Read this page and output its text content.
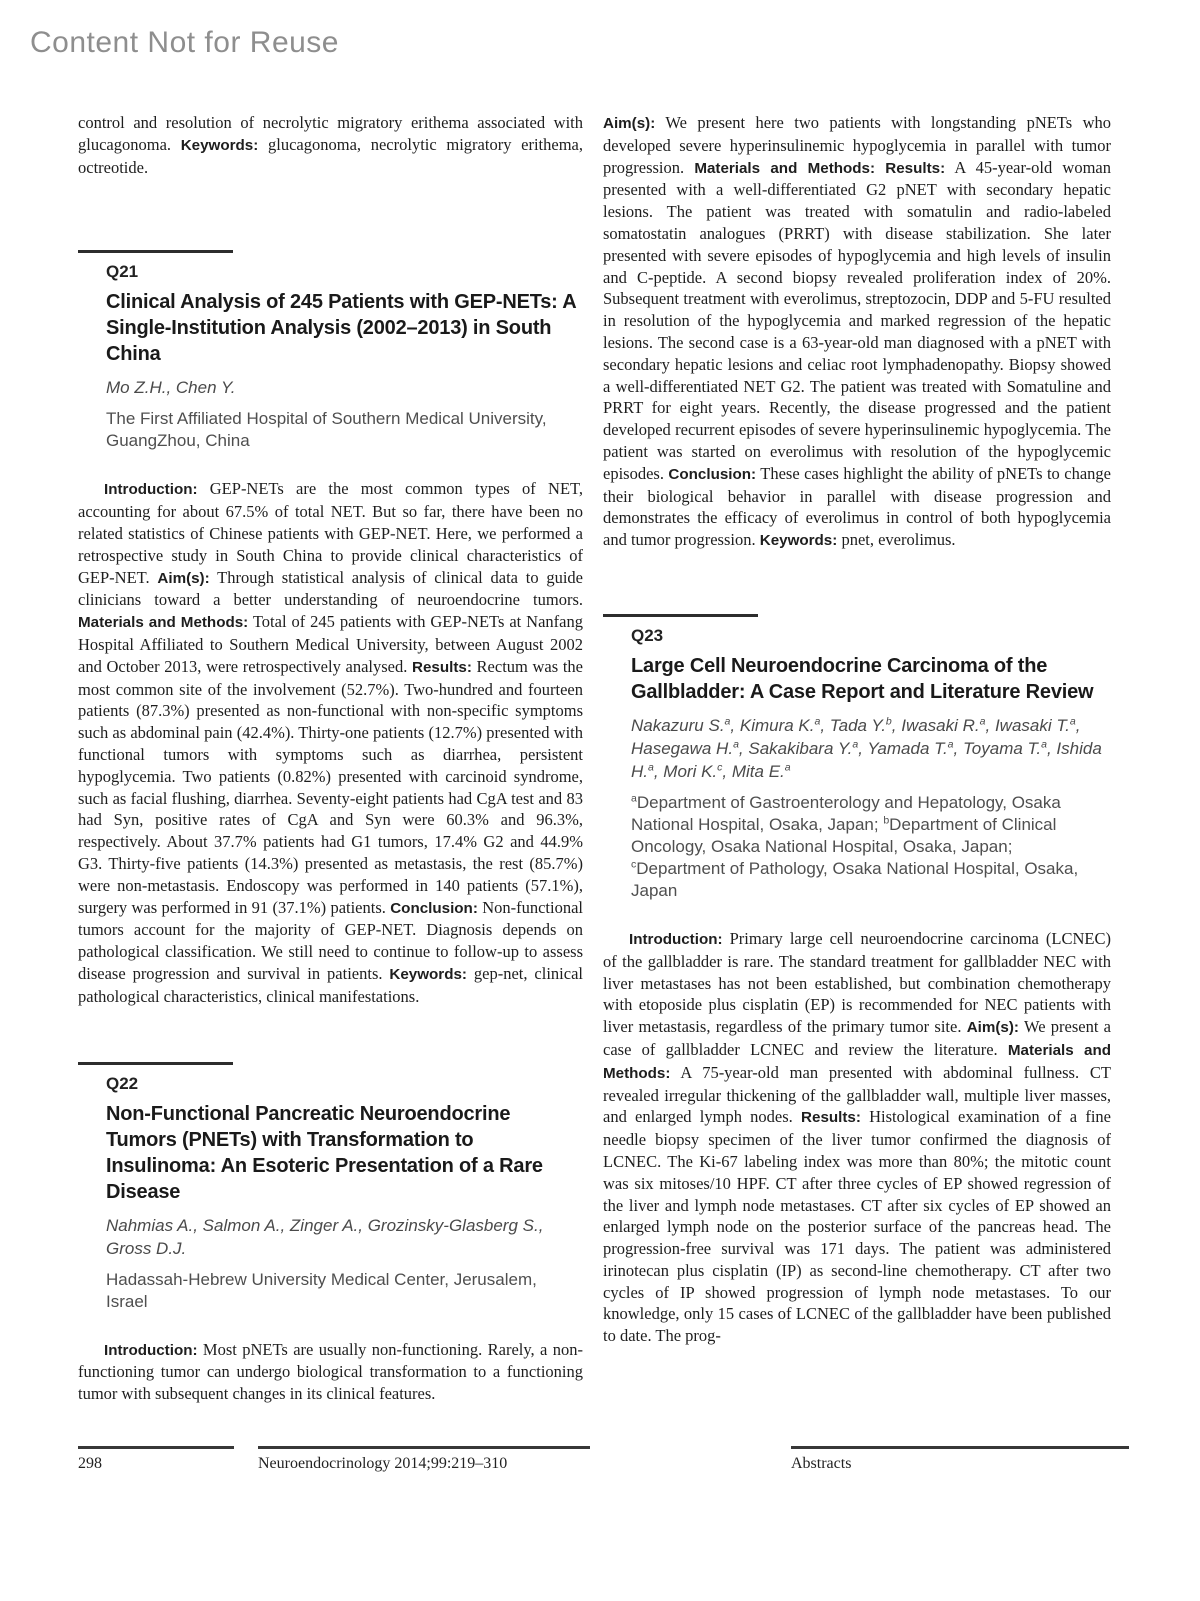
Content Not for Reuse

control and resolution of necrolytic migratory erithema associated with glucagonoma. Keywords: glucagonoma, necrolytic migratory erithema, octreotide.

Q21
Clinical Analysis of 245 Patients with GEP-NETs: A Single-Institution Analysis (2002–2013) in South China
Mo Z.H., Chen Y.
The First Affiliated Hospital of Southern Medical University, GuangZhou, China

Introduction: GEP-NETs are the most common types of NET, accounting for about 67.5% of total NET. But so far, there have been no related statistics of Chinese patients with GEP-NET. Here, we performed a retrospective study in South China to provide clinical characteristics of GEP-NET. Aim(s): Through statistical analysis of clinical data to guide clinicians toward a better understanding of neuroendocrine tumors. Materials and Methods: Total of 245 patients with GEP-NETs at Nanfang Hospital Affiliated to Southern Medical University, between August 2002 and October 2013, were retrospectively analysed. Results: Rectum was the most common site of the involvement (52.7%). Two-hundred and fourteen patients (87.3%) presented as non-functional with non-specific symptoms such as abdominal pain (42.4%). Thirty-one patients (12.7%) presented with functional tumors with symptoms such as diarrhea, persistent hypoglycemia. Two patients (0.82%) presented with carcinoid syndrome, such as facial flushing, diarrhea. Seventy-eight patients had CgA test and 83 had Syn, positive rates of CgA and Syn were 60.3% and 96.3%, respectively. About 37.7% patients had G1 tumors, 17.4% G2 and 44.9% G3. Thirty-five patients (14.3%) presented as metastasis, the rest (85.7%) were non-metastasis. Endoscopy was performed in 140 patients (57.1%), surgery was performed in 91 (37.1%) patients. Conclusion: Non-functional tumors account for the majority of GEP-NET. Diagnosis depends on pathological classification. We still need to continue to follow-up to assess disease progression and survival in patients. Keywords: gep-net, clinical pathological characteristics, clinical manifestations.

Q22
Non-Functional Pancreatic Neuroendocrine Tumors (PNETs) with Transformation to Insulinoma: An Esoteric Presentation of a Rare Disease
Nahmias A., Salmon A., Zinger A., Grozinsky-Glasberg S., Gross D.J.
Hadassah-Hebrew University Medical Center, Jerusalem, Israel

Introduction: Most pNETs are usually non-functioning. Rarely, a non-functioning tumor can undergo biological transformation to a functioning tumor with subsequent changes in its clinical features.

Aim(s): We present here two patients with longstanding pNETs who developed severe hyperinsulinemic hypoglycemia in parallel with tumor progression. Materials and Methods: Results: A 45-year-old woman presented with a well-differentiated G2 pNET with secondary hepatic lesions. The patient was treated with somatulin and radio-labeled somatostatin analogues (PRRT) with disease stabilization. She later presented with severe episodes of hypoglycemia and high levels of insulin and C-peptide. A second biopsy revealed proliferation index of 20%. Subsequent treatment with everolimus, streptozocin, DDP and 5-FU resulted in resolution of the hypoglycemia and marked regression of the hepatic lesions. The second case is a 63-year-old man diagnosed with a pNET with secondary hepatic lesions and celiac root lymphadenopathy. Biopsy showed a well-differentiated NET G2. The patient was treated with Somatuline and PRRT for eight years. Recently, the disease progressed and the patient developed recurrent episodes of severe hyperinsulinemic hypoglycemia. The patient was started on everolimus with resolution of the hypoglycemic episodes. Conclusion: These cases highlight the ability of pNETs to change their biological behavior in parallel with disease progression and demonstrates the efficacy of everolimus in control of both hypoglycemia and tumor progression. Keywords: pnet, everolimus.

Q23
Large Cell Neuroendocrine Carcinoma of the Gallbladder: A Case Report and Literature Review
Nakazuru S.$^a$, Kimura K.$^a$, Tada Y.$^b$, Iwasaki R.$^a$, Iwasaki T.$^a$, Hasegawa H.$^a$, Sakakibara Y.$^a$, Yamada T.$^a$, Toyama T.$^a$, Ishida H.$^a$, Mori K.$^c$, Mita E.$^a$
$^a$Department of Gastroenterology and Hepatology, Osaka National Hospital, Osaka, Japan; $^b$Department of Clinical Oncology, Osaka National Hospital, Osaka, Japan; $^c$Department of Pathology, Osaka National Hospital, Osaka, Japan

Introduction: Primary large cell neuroendocrine carcinoma (LCNEC) of the gallbladder is rare. The standard treatment for gallbladder NEC with liver metastases has not been established, but combination chemotherapy with etoposide plus cisplatin (EP) is recommended for NEC patients with liver metastasis, regardless of the primary tumor site. Aim(s): We present a case of gallbladder LCNEC and review the literature. Materials and Methods: A 75-year-old man presented with abdominal fullness. CT revealed irregular thickening of the gallbladder wall, multiple liver masses, and enlarged lymph nodes. Results: Histological examination of a fine needle biopsy specimen of the liver tumor confirmed the diagnosis of LCNEC. The Ki-67 labeling index was more than 80%; the mitotic count was six mitoses/10 HPF. CT after three cycles of EP showed regression of the liver and lymph node metastases. CT after six cycles of EP showed an enlarged lymph node on the posterior surface of the pancreas head. The progression-free survival was 171 days. The patient was administered irinotecan plus cisplatin (IP) as second-line chemotherapy. CT after two cycles of IP showed progression of lymph node metastases. To our knowledge, only 15 cases of LCNEC of the gallbladder have been published to date. The prog-

298	Neuroendocrinology 2014;99:219–310	Abstracts
